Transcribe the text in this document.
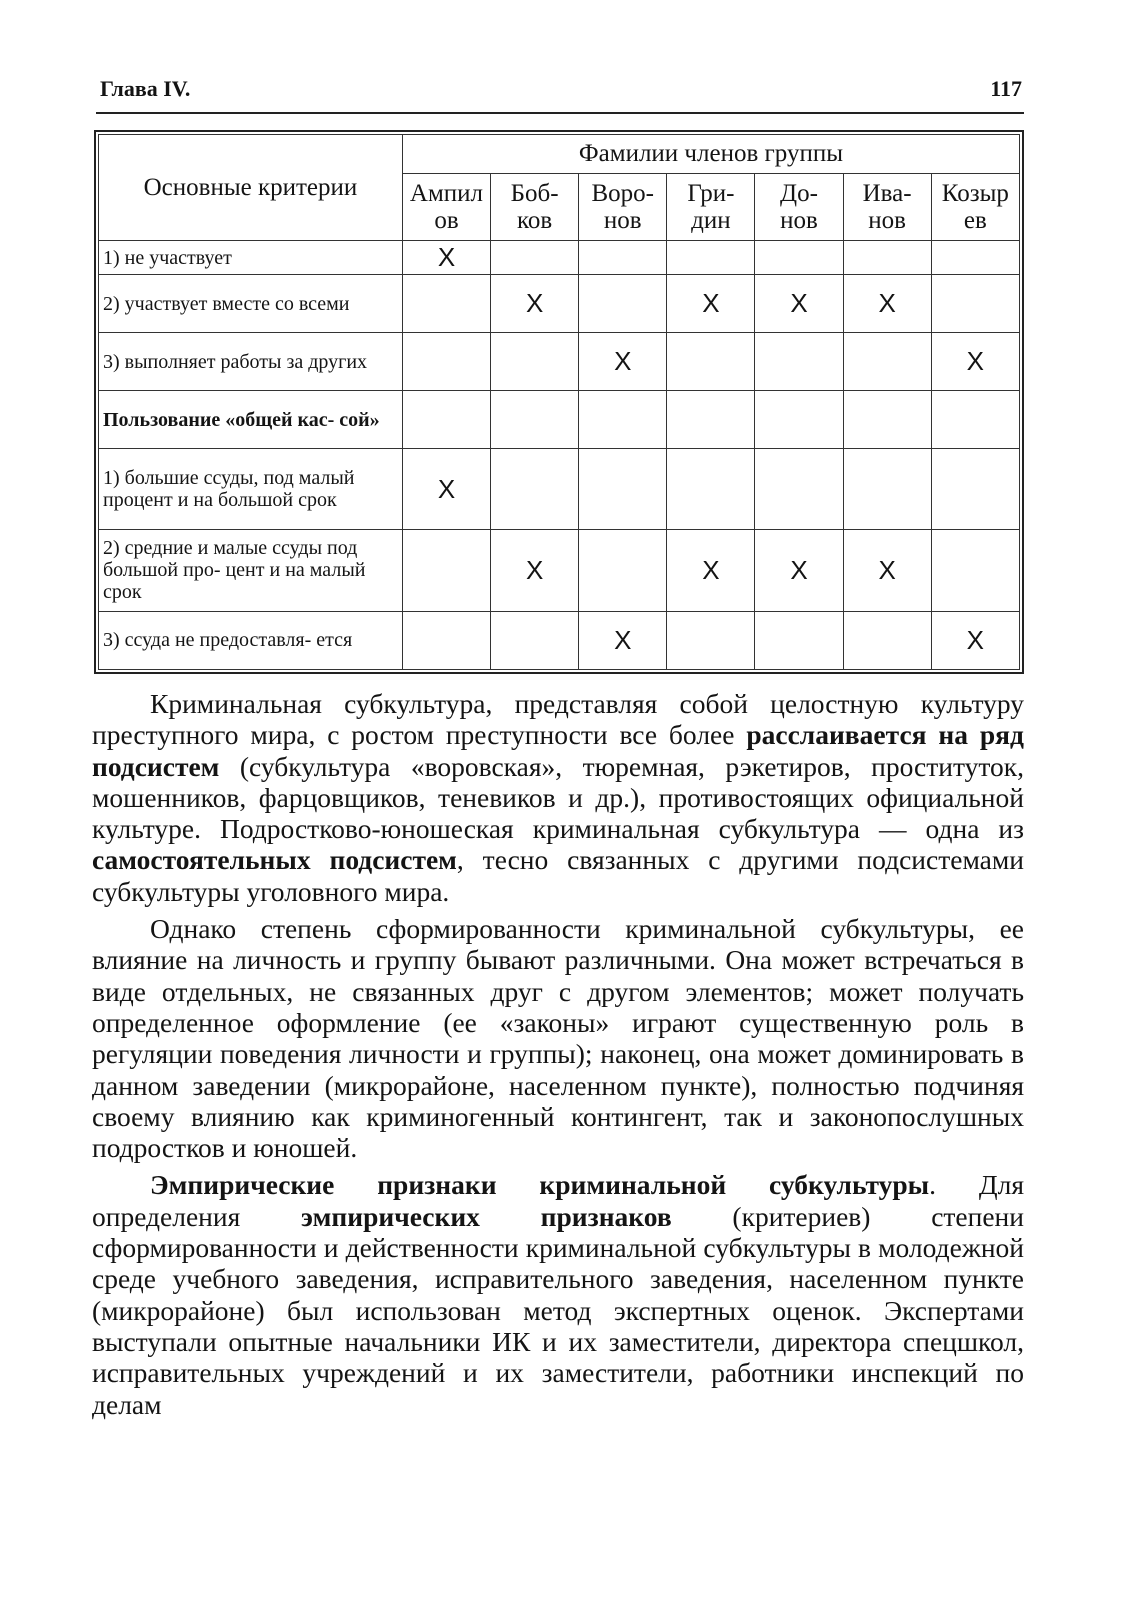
Глава IV.	117
Основные критерии	Фамилии членов группы						
	Ампил ов	Боб- ков	Воро- нов	Гри- дин	До- нов	Ива- нов	Козыр ев
1) не участвует	X						
2) участвует вместе со всеми		X		X	X	X	
3) выполняет работы за других			X				X
Пользование «общей кас- сой»							
1) большие ссуды, под малый процент и на большой срок	X						
2) средние и малые ссуды под большой про- цент и на малый срок		X		X	X	X	
3) ссуда не предоставля- ется			X				X

Криминальная субкультура, представляя собой целостную культуру преступного мира, с ростом преступности все более расслаивается на ряд подсистем (субкультура «воровская», тюремная, рэкетиров, проституток, мошенников, фарцовщиков, теневиков и др.), противостоящих официальной культуре. Подростково-юношеская криминальная субкультура — одна из самостоятельных подсистем, тесно связанных с другими подсистемами субкультуры уголовного мира.

Однако степень сформированности криминальной субкультуры, ее влияние на личность и группу бывают различными. Она может встречаться в виде отдельных, не связанных друг с другом элементов; может получать определенное оформление (ее «законы» играют существенную роль в регуляции поведения личности и группы); наконец, она может доминировать в данном заведении (микрорайоне, населенном пункте), полностью подчиняя своему влиянию как криминогенный контингент, так и законопослушных подростков и юношей.

Эмпирические признаки криминальной субкультуры. Для определения эмпирических признаков (критериев) степени сформированности и действенности криминальной субкультуры в молодежной среде учебного заведения, исправительного заведения, населенном пункте (микрорайоне) был использован метод экспертных оценок. Экспертами выступали опытные начальники ИК и их заместители, директора спецшкол, исправительных учреждений и их заместители, работники инспекций по делам
